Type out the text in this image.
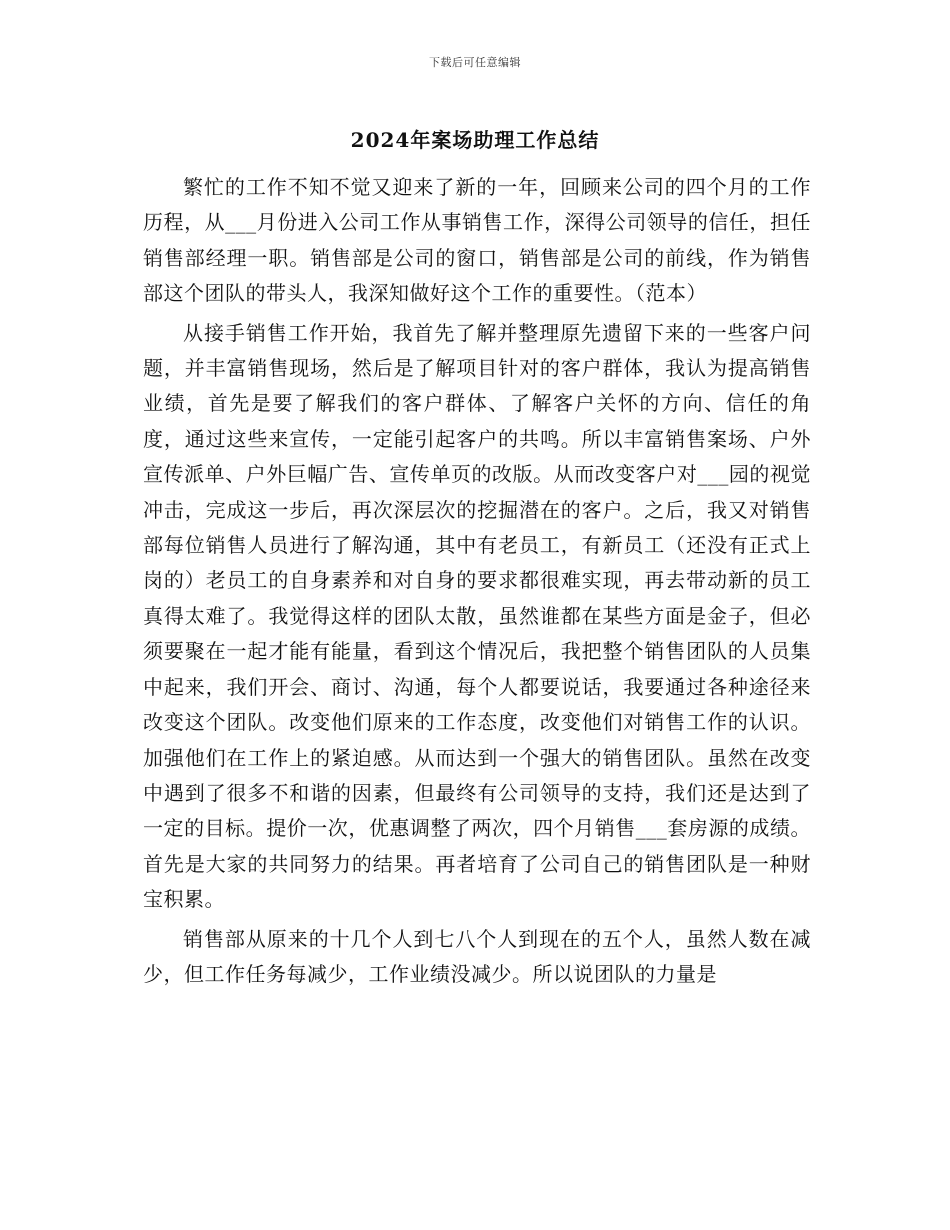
下载后可任意编辑
2024年案场助理工作总结

繁忙的工作不知不觉又迎来了新的一年，回顾来公司的四个月的工作历程，从___月份进入公司工作从事销售工作，深得公司领导的信任，担任销售部经理一职。销售部是公司的窗口，销售部是公司的前线，作为销售部这个团队的带头人，我深知做好这个工作的重要性。（范本）

从接手销售工作开始，我首先了解并整理原先遗留下来的一些客户问题，并丰富销售现场，然后是了解项目针对的客户群体，我认为提高销售业绩，首先是要了解我们的客户群体、了解客户关怀的方向、信任的角度，通过这些来宣传，一定能引起客户的共鸣。所以丰富销售案场、户外宣传派单、户外巨幅广告、宣传单页的改版。从而改变客户对___园的视觉冲击，完成这一步后，再次深层次的挖掘潜在的客户。之后，我又对销售部每位销售人员进行了解沟通，其中有老员工，有新员工（还没有正式上岗的）老员工的自身素养和对自身的要求都很难实现，再去带动新的员工真得太难了。我觉得这样的团队太散，虽然谁都在某些方面是金子，但必须要聚在一起才能有能量，看到这个情况后，我把整个销售团队的人员集中起来，我们开会、商讨、沟通，每个人都要说话，我要通过各种途径来改变这个团队。改变他们原来的工作态度，改变他们对销售工作的认识。加强他们在工作上的紧迫感。从而达到一个强大的销售团队。虽然在改变中遇到了很多不和谐的因素，但最终有公司领导的支持，我们还是达到了一定的目标。提价一次，优惠调整了两次，四个月销售___套房源的成绩。首先是大家的共同努力的结果。再者培育了公司自己的销售团队是一种财宝积累。

销售部从原来的十几个人到七八个人到现在的五个人，虽然人数在减少，但工作任务每减少，工作业绩没减少。所以说团队的力量是
